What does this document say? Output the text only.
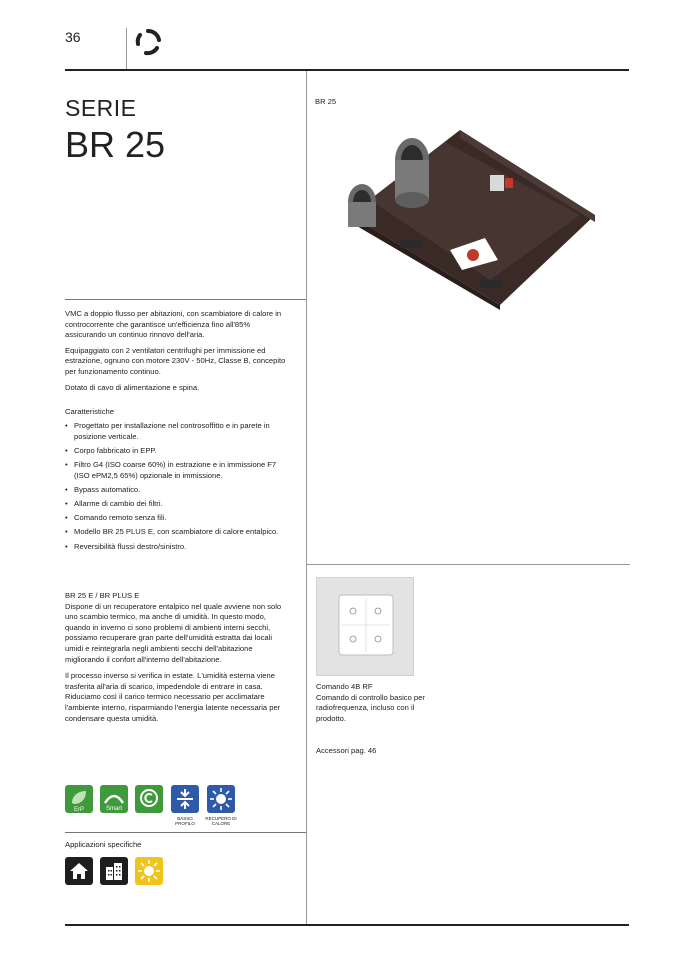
36
SERIE
BR 25

VMC a doppio flusso per abitazioni, con scambiatore di calore in controcorrente che garantisce un'efficienza fino all'85% assicurando un continuo rinnovo dell'aria.

Equipaggiato con 2 ventilatori centrifughi per immissione ed estrazione, ognuno con motore 230V - 50Hz, Classe B, concepito per funzionamento continuo.

Dotato di cavo di alimentazione e spina.

Caratteristiche
• Progettato per installazione nel controsoffitto e in parete in posizione verticale.
• Corpo fabbricato in EPP.
• Filtro G4 (ISO coarse 60%) in estrazione e in immissione F7 (ISO ePM2,5 65%) opzionale in immissione.
• Bypass automatico.
• Allarme di cambio dei filtri.
• Comando remoto senza fili.
• Modello BR 25 PLUS E, con scambiatore di calore entalpico.
• Reversibilità flussi destro/sinistro.
BR 25 E / BR PLUS E

Dispone di un recuperatore entalpico nel quale avviene non solo uno scambio termico, ma anche di umidità. In questo modo, quando in inverno ci sono problemi di ambienti interni secchi, possiamo recuperare gran parte dell'umidità estratta dai locali umidi e reintegrarla negli ambienti secchi dell'abitazione migliorando il confort all'interno dell'abitazione.

Il processo inverso si verifica in estate. L'umidità esterna viene trasferita all'aria di scarico, impedendole di entrare in casa. Riduciamo così il carico termico necessario per acclimatare l'ambiente interno, risparmiando l'energia latente necessaria per condensare questa umidità.

BR 25
Comando 4B RF
Comando di controllo basico per radiofrequenza, incluso con il prodotto.
Accessori pag. 46
ErP	Smart
BASSO PROFILO
RECUPERO DI CALORE
Applicazioni specifiche
